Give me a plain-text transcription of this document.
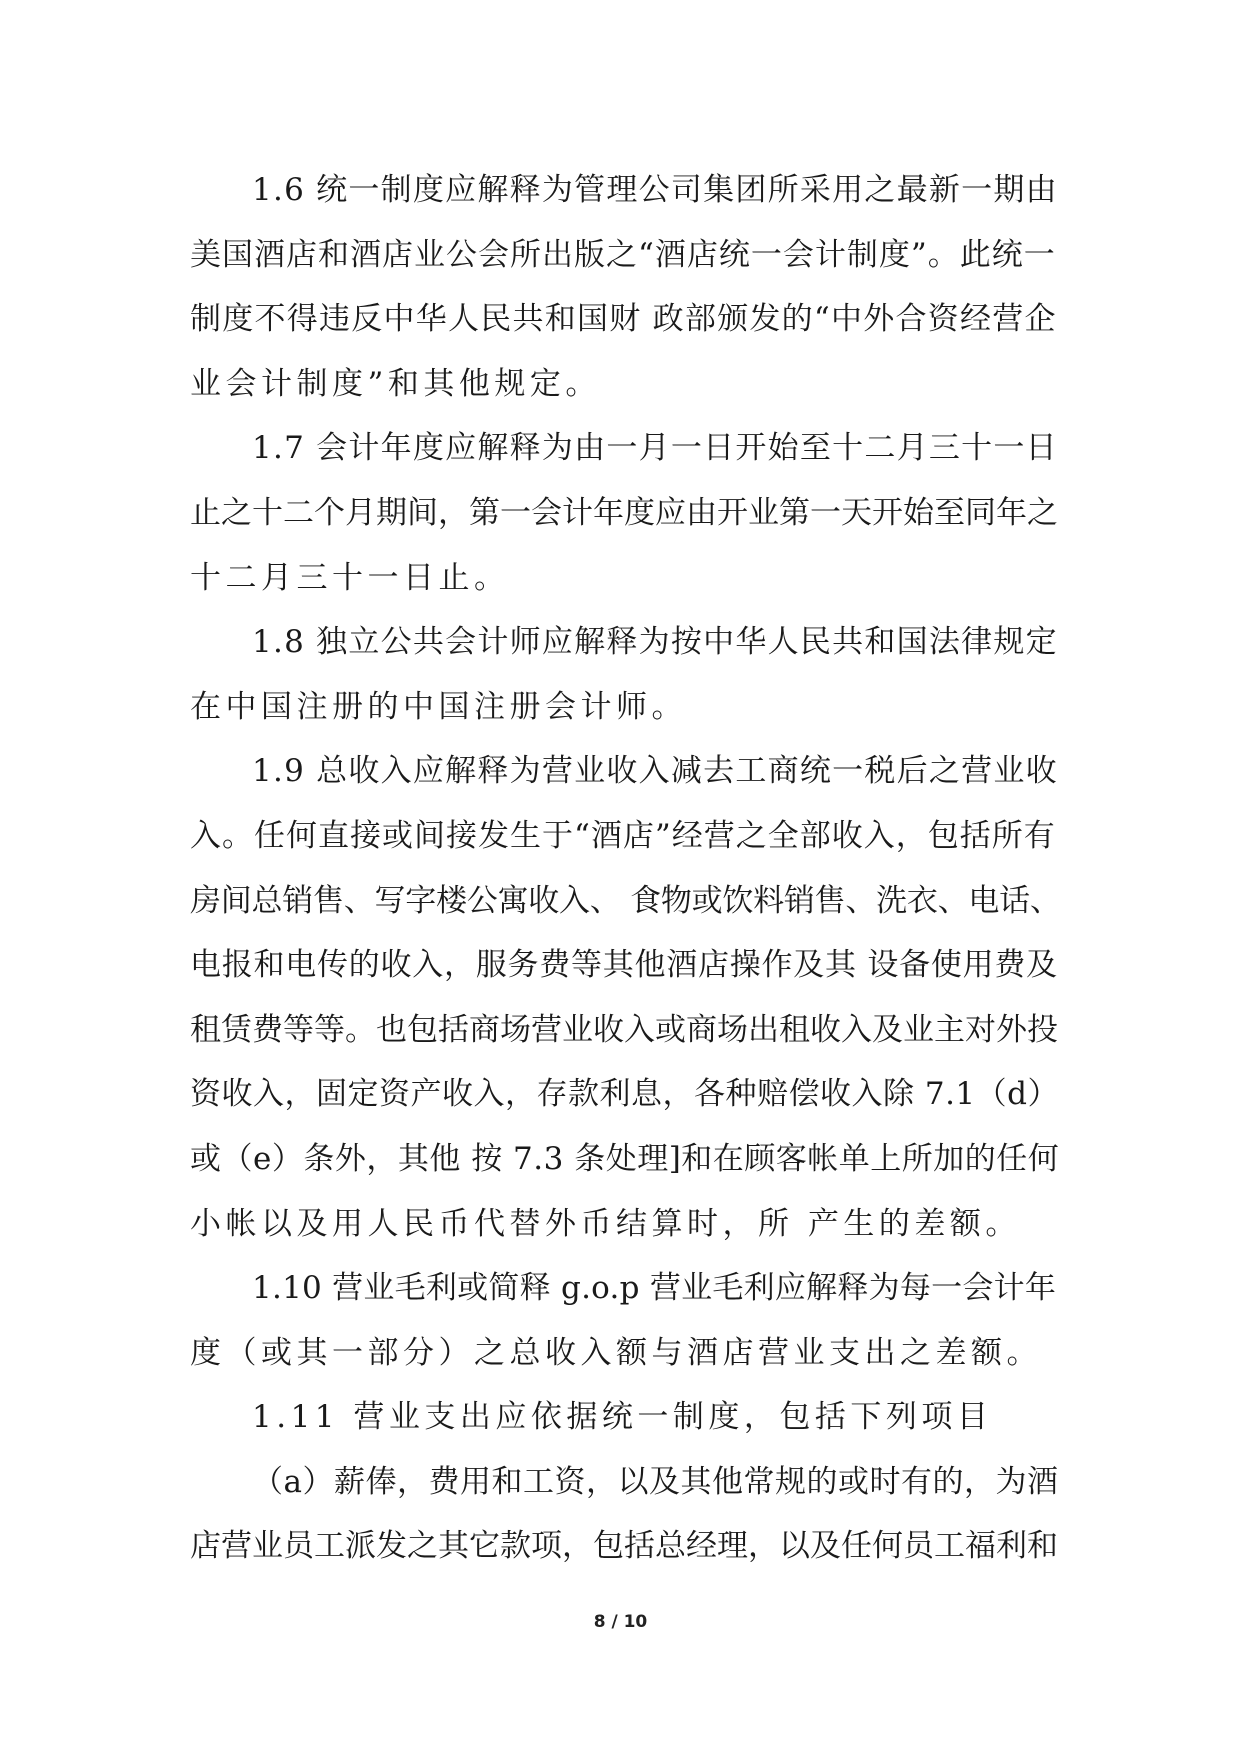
1.6 统一制度应解释为管理公司集团所采用之最新一期由
美国酒店和酒店业公会所出版之“酒店统一会计制度”。此统一
制度不得违反中华人民共和国财 政部颁发的“中外合资经营企
业会计制度”和其他规定。
1.7 会计年度应解释为由一月一日开始至十二月三十一日
止之十二个月期间，第一会计年度应由开业第一天开始至同年之
十二月三十一日止。
1.8 独立公共会计师应解释为按中华人民共和国法律规定
在中国注册的中国注册会计师。
1.9 总收入应解释为营业收入减去工商统一税后之营业收
入。任何直接或间接发生于“酒店”经营之全部收入，包括所有
房间总销售、写字楼公寓收入、 食物或饮料销售、洗衣、电话、
电报和电传的收入，服务费等其他酒店操作及其 设备使用费及
租赁费等等。也包括商场营业收入或商场出租收入及业主对外投
资收入，固定资产收入，存款利息，各种赔偿收入除 7.1（d）
或（e）条外，其他 按 7.3 条处理]和在顾客帐单上所加的任何
小帐以及用人民币代替外币结算时，所 产生的差额。
1.10 营业毛利或简释 g.o.p 营业毛利应解释为每一会计年
度（或其一部分）之总收入额与酒店营业支出之差额。
1.11 营业支出应依据统一制度，包括下列项目
（a）薪俸，费用和工资，以及其他常规的或时有的，为酒
店营业员工派发之其它款项，包括总经理，以及任何员工福利和
8 / 10
